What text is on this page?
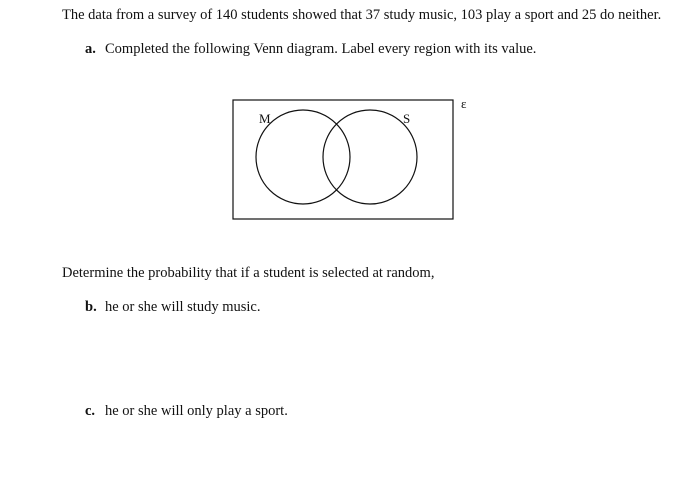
The data from a survey of 140 students showed that 37 study music, 103 play a sport and 25 do neither.
a. Completed the following Venn diagram. Label every region with its value.
M	S
ε
Determine the probability that if a student is selected at random,
b. he or she will study music.
c. he or she will only play a sport.
